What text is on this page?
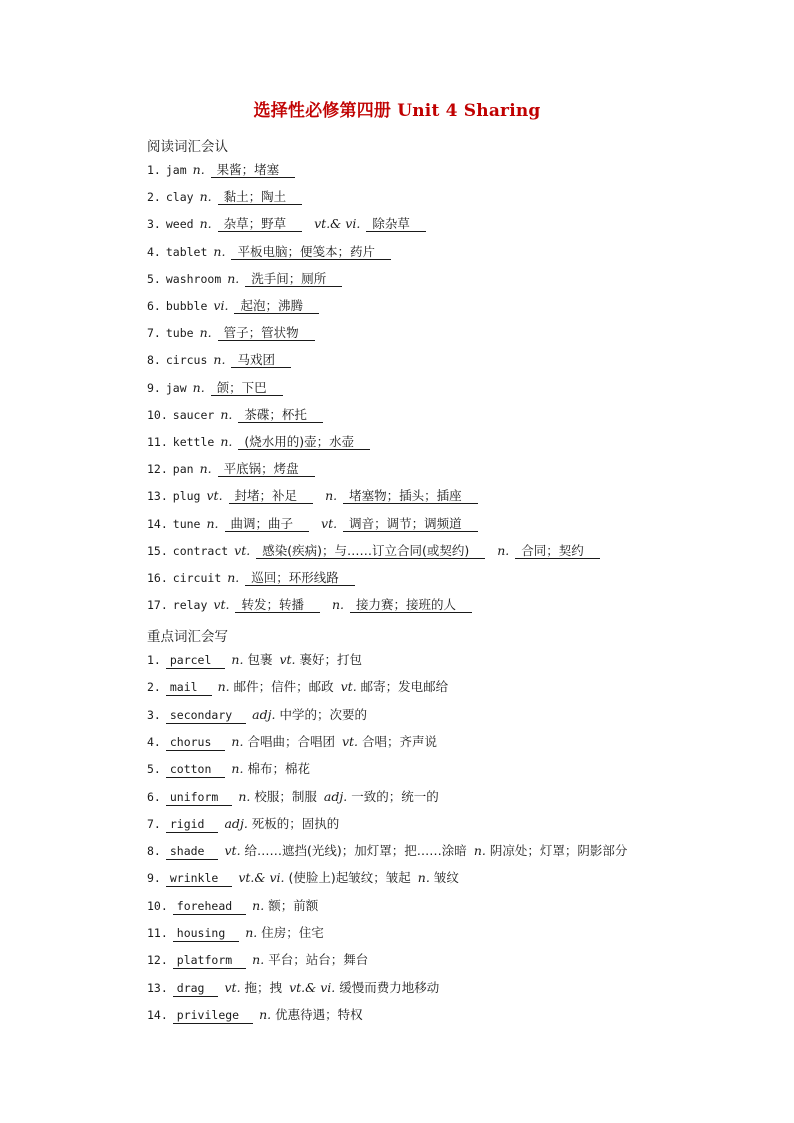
选择性必修第四册 Unit 4 Sharing
阅读词汇会认
1. jam n. 果酱；堵塞
2. clay n. 黏土；陶土
3. weed n. 杂草；野草 vt.& vi. 除杂草
4. tablet n. 平板电脑；便笺本；药片
5. washroom n. 洗手间；厕所
6. bubble vi. 起泡；沸腾
7. tube n. 管子；管状物
8. circus n. 马戏团
9. jaw n. 颌；下巴
10. saucer n. 茶碟；杯托
11. kettle n. (烧水用的)壶；水壶
12. pan n. 平底锅；烤盘
13. plug vt. 封堵；补足 n. 堵塞物；插头；插座
14. tune n. 曲调；曲子 vt. 调音；调节；调频道
15. contract vt. 感染(疾病)；与……订立合同(或契约) n. 合同；契约
16. circuit n. 巡回；环形线路
17. relay vt. 转发；转播 n. 接力赛；接班的人
重点词汇会写
1. parcel n. 包裹 vt. 裹好；打包
2. mail n. 邮件；信件；邮政 vt. 邮寄；发电邮给
3. secondary adj. 中学的；次要的
4. chorus n. 合唱曲；合唱团 vt. 合唱；齐声说
5. cotton n. 棉布；棉花
6. uniform n. 校服；制服 adj. 一致的；统一的
7. rigid adj. 死板的；固执的
8. shade vt. 给……遮挡(光线)；加灯罩；把……涂暗 n. 阴凉处；灯罩；阴影部分
9. wrinkle vt.& vi. (使脸上)起皱纹；皱起 n. 皱纹
10. forehead n. 额；前额
11. housing n. 住房；住宅
12. platform n. 平台；站台；舞台
13. drag vt. 拖；拽 vt.& vi. 缓慢而费力地移动
14. privilege n. 优惠待遇；特权
